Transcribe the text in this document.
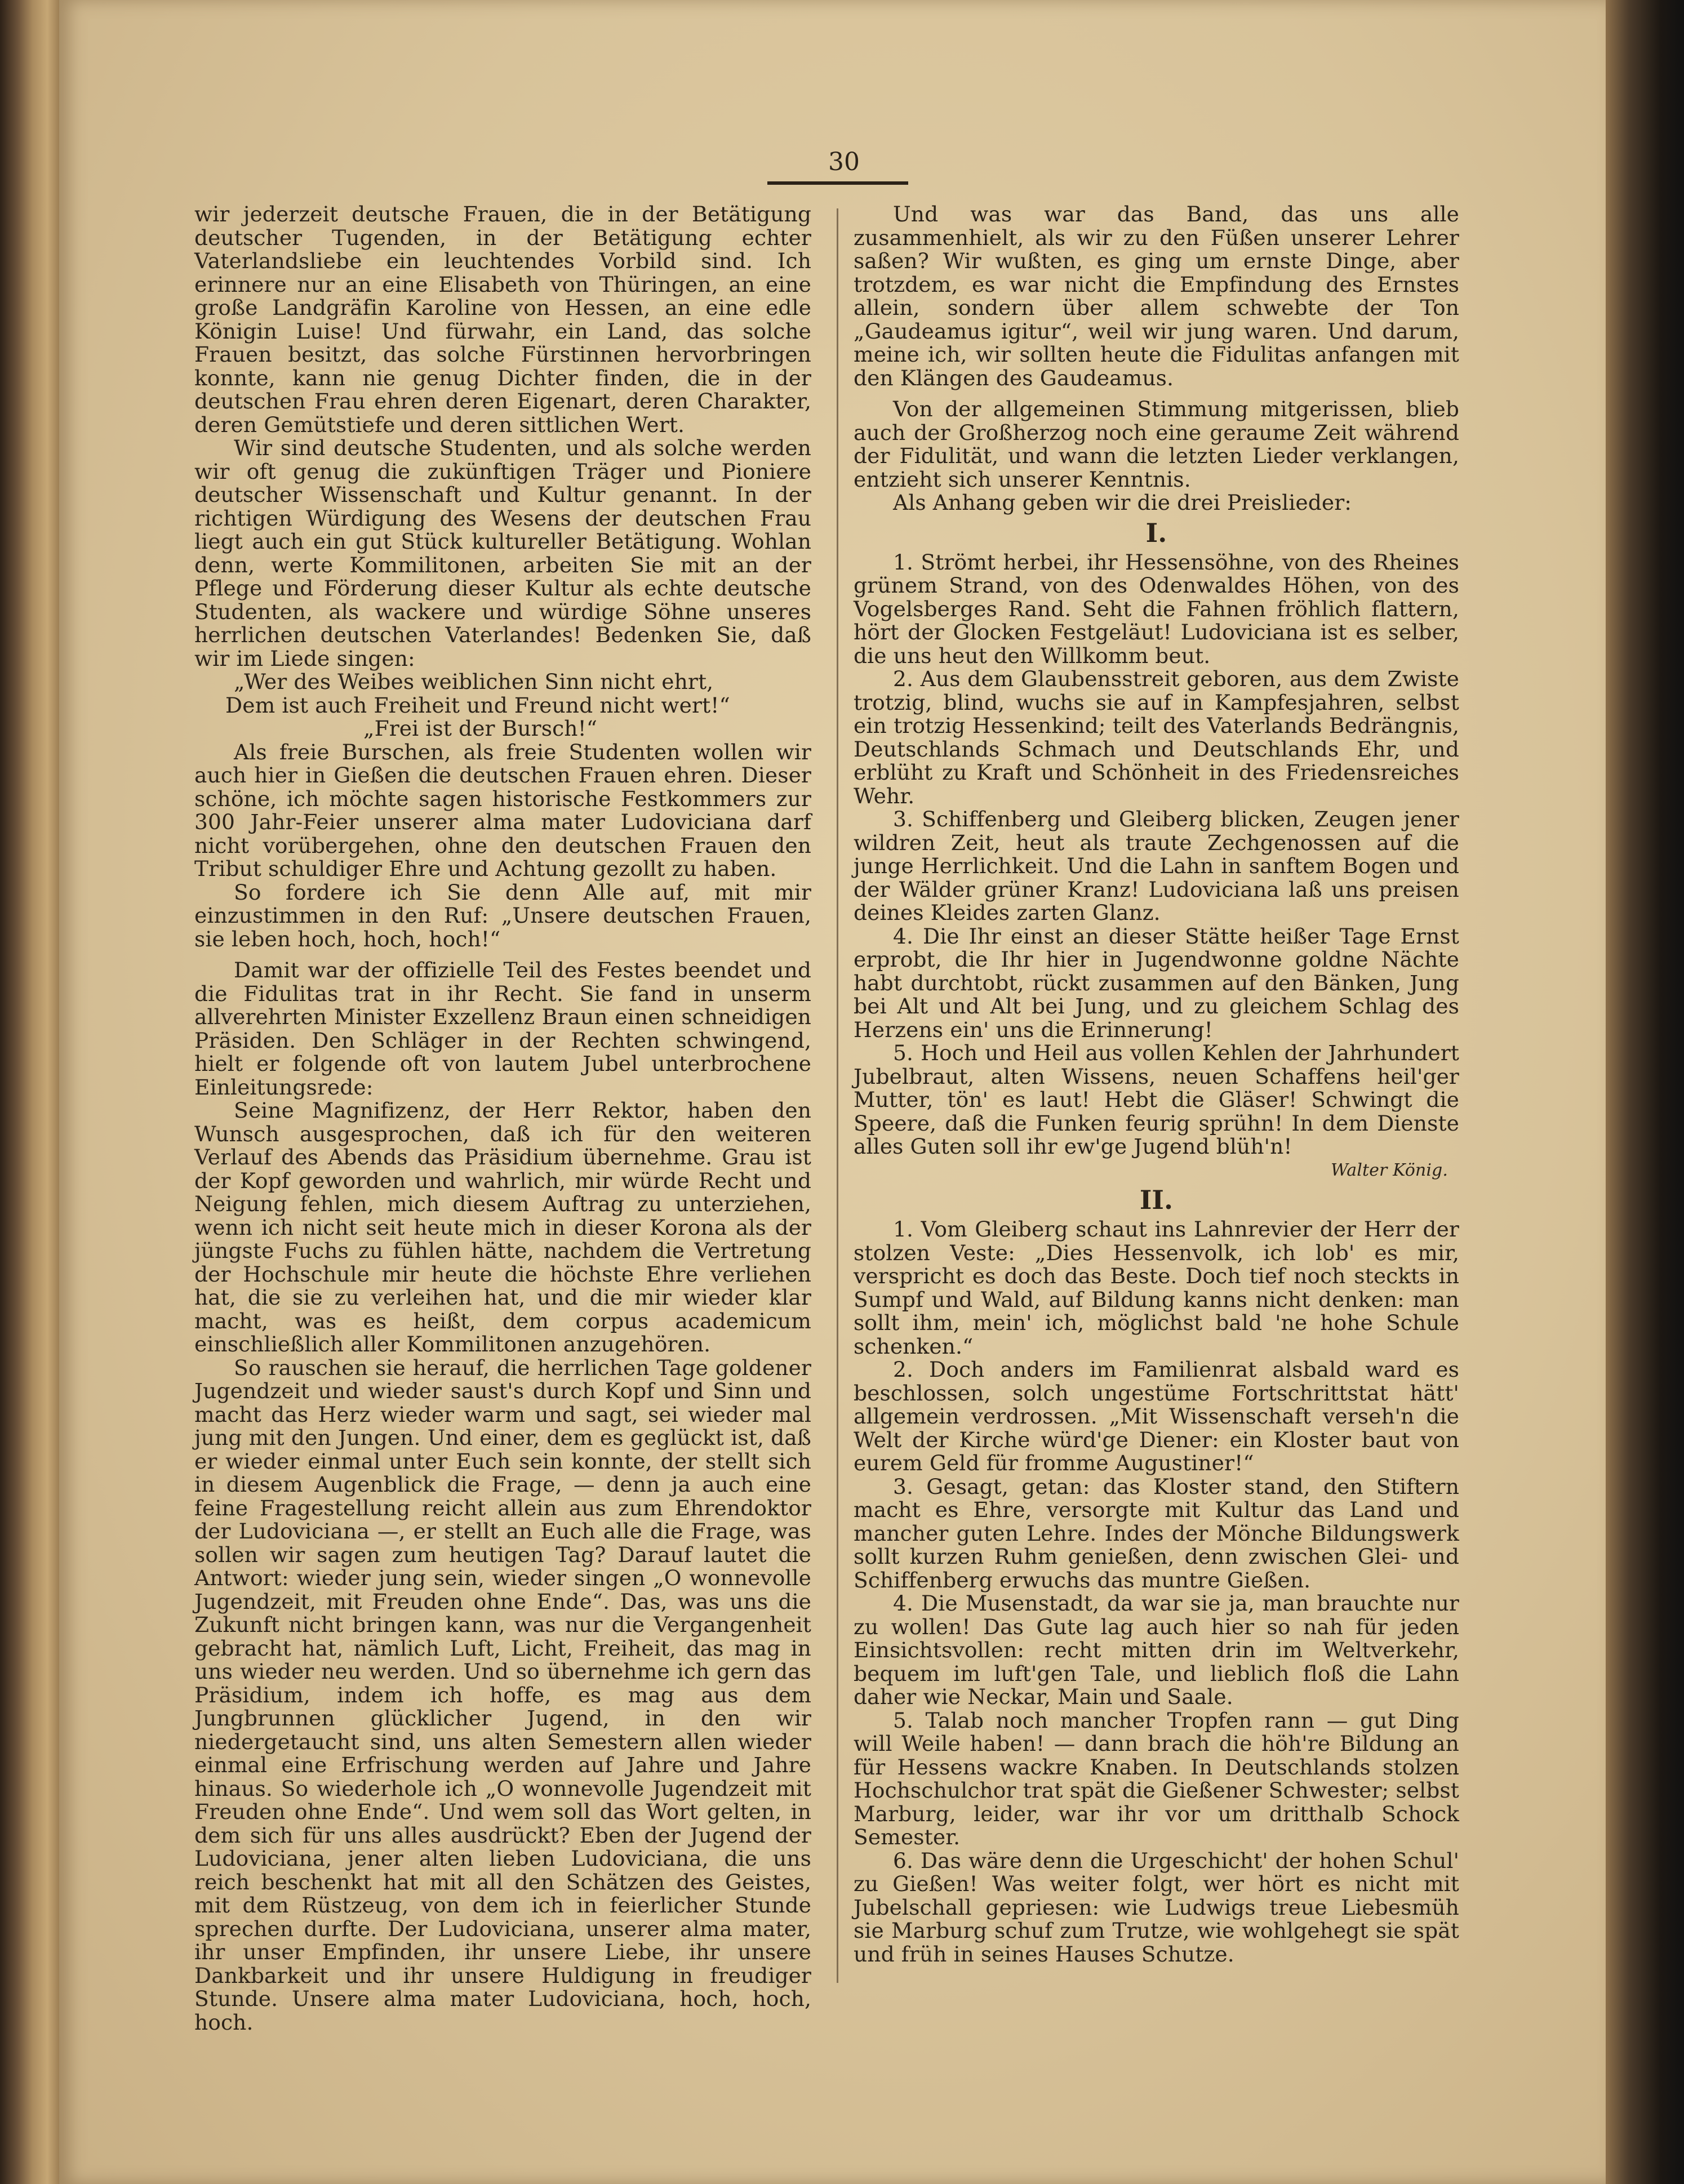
30

wir jederzeit deutsche Frauen, die in der Betätigung deutscher Tugenden, in der Betätigung echter Vaterlandsliebe ein leuchtendes Vorbild sind. Ich erinnere nur an eine Elisabeth von Thüringen, an eine große Landgräfin Karoline von Hessen, an eine edle Königin Luise! Und fürwahr, ein Land, das solche Frauen besitzt, das solche Fürstinnen hervorbringen konnte, kann nie genug Dichter finden, die in der deutschen Frau ehren deren Eigenart, deren Charakter, deren Gemütstiefe und deren sittlichen Wert.

Wir sind deutsche Studenten, und als solche werden wir oft genug die zukünftigen Träger und Pioniere deutscher Wissenschaft und Kultur genannt. In der richtigen Würdigung des Wesens der deutschen Frau liegt auch ein gut Stück kultureller Betätigung. Wohlan denn, werte Kommilitonen, arbeiten Sie mit an der Pflege und Förderung dieser Kultur als echte deutsche Studenten, als wackere und würdige Söhne unseres herrlichen deutschen Vaterlandes! Bedenken Sie, daß wir im Liede singen:

„Wer des Weibes weiblichen Sinn nicht ehrt,
Dem ist auch Freiheit und Freund nicht wert!“
„Frei ist der Bursch!“

Als freie Burschen, als freie Studenten wollen wir auch hier in Gießen die deutschen Frauen ehren. Dieser schöne, ich möchte sagen historische Festkommers zur 300 Jahr-Feier unserer alma mater Ludoviciana darf nicht vorübergehen, ohne den deutschen Frauen den Tribut schuldiger Ehre und Achtung gezollt zu haben.

So fordere ich Sie denn Alle auf, mit mir einzustimmen in den Ruf: „Unsere deutschen Frauen, sie leben hoch, hoch, hoch!“

Damit war der offizielle Teil des Festes beendet und die Fidulitas trat in ihr Recht. Sie fand in unserm allverehrten Minister Exzellenz Braun einen schneidigen Präsiden. Den Schläger in der Rechten schwingend, hielt er folgende oft von lautem Jubel unterbrochene Einleitungsrede:

Seine Magnifizenz, der Herr Rektor, haben den Wunsch ausgesprochen, daß ich für den weiteren Verlauf des Abends das Präsidium übernehme. Grau ist der Kopf geworden und wahrlich, mir würde Recht und Neigung fehlen, mich diesem Auftrag zu unterziehen, wenn ich nicht seit heute mich in dieser Korona als der jüngste Fuchs zu fühlen hätte, nachdem die Vertretung der Hochschule mir heute die höchste Ehre verliehen hat, die sie zu verleihen hat, und die mir wieder klar macht, was es heißt, dem corpus academicum einschließlich aller Kommilitonen anzugehören.

So rauschen sie herauf, die herrlichen Tage goldener Jugendzeit und wieder saust's durch Kopf und Sinn und macht das Herz wieder warm und sagt, sei wieder mal jung mit den Jungen. Und einer, dem es geglückt ist, daß er wieder einmal unter Euch sein konnte, der stellt sich in diesem Augenblick die Frage, — denn ja auch eine feine Fragestellung reicht allein aus zum Ehrendoktor der Ludoviciana —, er stellt an Euch alle die Frage, was sollen wir sagen zum heutigen Tag? Darauf lautet die Antwort: wieder jung sein, wieder singen „O wonnevolle Jugendzeit, mit Freuden ohne Ende“. Das, was uns die Zukunft nicht bringen kann, was nur die Vergangenheit gebracht hat, nämlich Luft, Licht, Freiheit, das mag in uns wieder neu werden. Und so übernehme ich gern das Präsidium, indem ich hoffe, es mag aus dem Jungbrunnen glücklicher Jugend, in den wir niedergetaucht sind, uns alten Semestern allen wieder einmal eine Erfrischung werden auf Jahre und Jahre hinaus. So wiederhole ich „O wonnevolle Jugendzeit mit Freuden ohne Ende“. Und wem soll das Wort gelten, in dem sich für uns alles ausdrückt? Eben der Jugend der Ludoviciana, jener alten lieben Ludoviciana, die uns reich beschenkt hat mit all den Schätzen des Geistes, mit dem Rüstzeug, von dem ich in feierlicher Stunde sprechen durfte. Der Ludoviciana, unserer alma mater, ihr unser Empfinden, ihr unsere Liebe, ihr unsere Dankbarkeit und ihr unsere Huldigung in freudiger Stunde. Unsere alma mater Ludoviciana, hoch, hoch, hoch.

Und was war das Band, das uns alle zusammenhielt, als wir zu den Füßen unserer Lehrer saßen? Wir wußten, es ging um ernste Dinge, aber trotzdem, es war nicht die Empfindung des Ernstes allein, sondern über allem schwebte der Ton „Gaudeamus igitur“, weil wir jung waren. Und darum, meine ich, wir sollten heute die Fidulitas anfangen mit den Klängen des Gaudeamus.

Von der allgemeinen Stimmung mitgerissen, blieb auch der Großherzog noch eine geraume Zeit während der Fidulität, und wann die letzten Lieder verklangen, entzieht sich unserer Kenntnis.

Als Anhang geben wir die drei Preislieder:

I.

1. Strömt herbei, ihr Hessensöhne, von des Rheines grünem Strand, von des Odenwaldes Höhen, von des Vogelsberges Rand. Seht die Fahnen fröhlich flattern, hört der Glocken Festgeläut! Ludoviciana ist es selber, die uns heut den Willkomm beut.

2. Aus dem Glaubensstreit geboren, aus dem Zwiste trotzig, blind, wuchs sie auf in Kampfesjahren, selbst ein trotzig Hessenkind; teilt des Vaterlands Bedrängnis, Deutschlands Schmach und Deutschlands Ehr, und erblüht zu Kraft und Schönheit in des Friedensreiches Wehr.

3. Schiffenberg und Gleiberg blicken, Zeugen jener wildren Zeit, heut als traute Zechgenossen auf die junge Herrlichkeit. Und die Lahn in sanftem Bogen und der Wälder grüner Kranz! Ludoviciana laß uns preisen deines Kleides zarten Glanz.

4. Die Ihr einst an dieser Stätte heißer Tage Ernst erprobt, die Ihr hier in Jugendwonne goldne Nächte habt durchtobt, rückt zusammen auf den Bänken, Jung bei Alt und Alt bei Jung, und zu gleichem Schlag des Herzens ein' uns die Erinnerung!

5. Hoch und Heil aus vollen Kehlen der Jahrhundert Jubelbraut, alten Wissens, neuen Schaffens heil'ger Mutter, tön' es laut! Hebt die Gläser! Schwingt die Speere, daß die Funken feurig sprühn! In dem Dienste alles Guten soll ihr ew'ge Jugend blüh'n!

Walter König.
II.

1. Vom Gleiberg schaut ins Lahnrevier der Herr der stolzen Veste: „Dies Hessenvolk, ich lob' es mir, verspricht es doch das Beste. Doch tief noch steckts in Sumpf und Wald, auf Bildung kanns nicht denken: man sollt ihm, mein' ich, möglichst bald 'ne hohe Schule schenken.“

2. Doch anders im Familienrat alsbald ward es beschlossen, solch ungestüme Fortschrittstat hätt' allgemein verdrossen. „Mit Wissenschaft verseh'n die Welt der Kirche würd'ge Diener: ein Kloster baut von eurem Geld für fromme Augustiner!“

3. Gesagt, getan: das Kloster stand, den Stiftern macht es Ehre, versorgte mit Kultur das Land und mancher guten Lehre. Indes der Mönche Bildungswerk sollt kurzen Ruhm genießen, denn zwischen Glei- und Schiffenberg erwuchs das muntre Gießen.

4. Die Musenstadt, da war sie ja, man brauchte nur zu wollen! Das Gute lag auch hier so nah für jeden Einsichtsvollen: recht mitten drin im Weltverkehr, bequem im luft'gen Tale, und lieblich floß die Lahn daher wie Neckar, Main und Saale.

5. Talab noch mancher Tropfen rann — gut Ding will Weile haben! — dann brach die höh're Bildung an für Hessens wackre Knaben. In Deutschlands stolzen Hochschulchor trat spät die Gießener Schwester; selbst Marburg, leider, war ihr vor um dritthalb Schock Semester.

6. Das wäre denn die Urgeschicht' der hohen Schul' zu Gießen! Was weiter folgt, wer hört es nicht mit Jubelschall gepriesen: wie Ludwigs treue Liebesmüh sie Marburg schuf zum Trutze, wie wohlgehegt sie spät und früh in seines Hauses Schutze.
